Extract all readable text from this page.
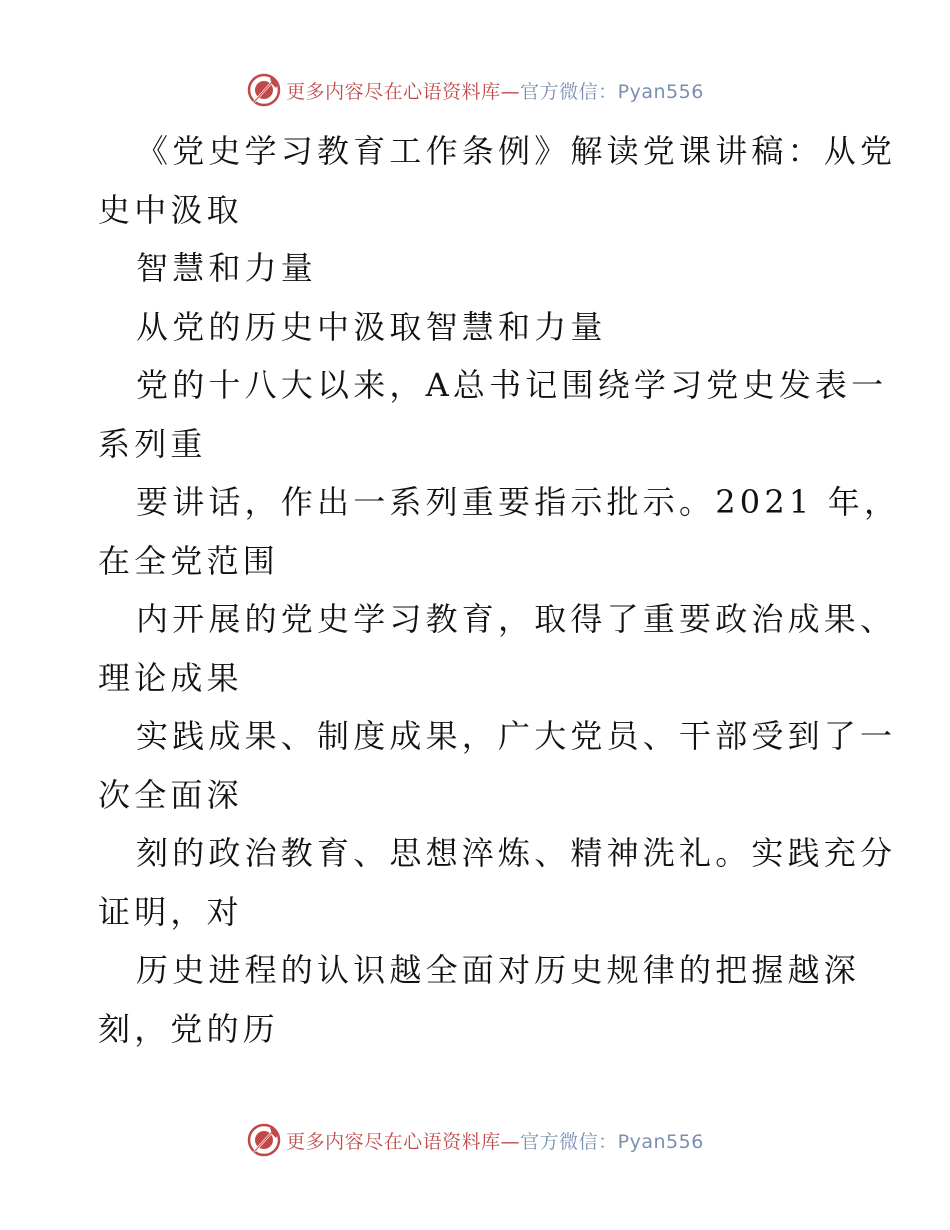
更多内容尽在心语资料库— 官方微信：Pyan556
《党史学习教育工作条例》解读党课讲稿：从党
史中汲取
智慧和力量
从党的历史中汲取智慧和力量
党的十八大以来，A总书记围绕学习党史发表一
系列重
要讲话，作出一系列重要指示批示。2021 年，
在全党范围
内开展的党史学习教育，取得了重要政治成果、
理论成果
实践成果、制度成果，广大党员、干部受到了一
次全面深
刻的政治教育、思想淬炼、精神洗礼。实践充分
证明，对
历史进程的认识越全面对历史规律的把握越深
刻，党的历
更多内容尽在心语资料库— 官方微信：Pyan556
